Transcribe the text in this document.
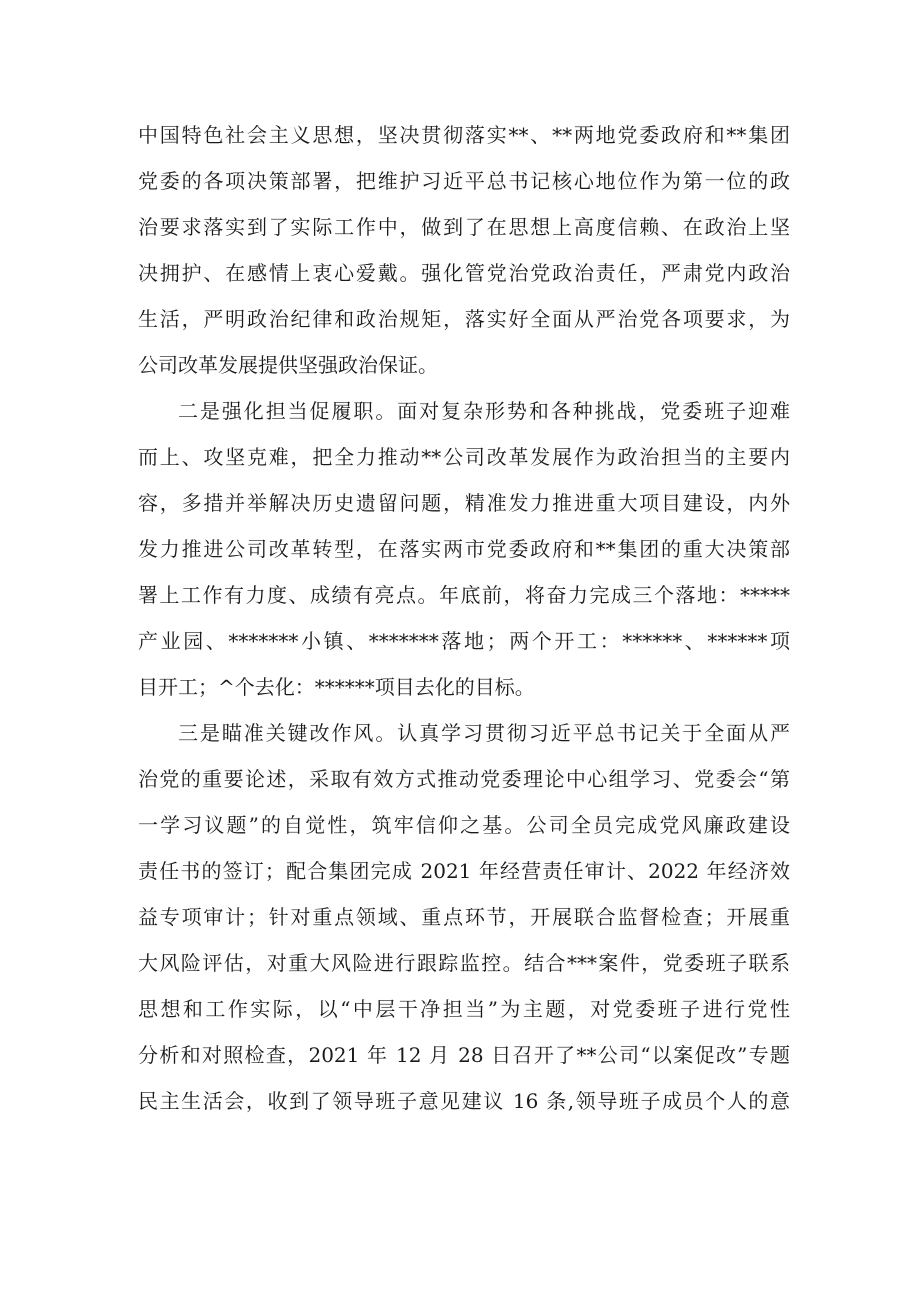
中国特色社会主义思想，坚决贯彻落实**、**两地党委政府和**集团
党委的各项决策部署，把维护习近平总书记核心地位作为第一位的政
治要求落实到了实际工作中，做到了在思想上高度信赖、在政治上坚
决拥护、在感情上衷心爱戴。强化管党治党政治责任，严肃党内政治
生活，严明政治纪律和政治规矩，落实好全面从严治党各项要求，为
公司改革发展提供坚强政治保证。
二是强化担当促履职。面对复杂形势和各种挑战，党委班子迎难
而上、攻坚克难，把全力推动**公司改革发展作为政治担当的主要内
容，多措并举解决历史遗留问题，精准发力推进重大项目建设，内外
发力推进公司改革转型，在落实两市党委政府和**集团的重大决策部
署上工作有力度、成绩有亮点。年底前，将奋力完成三个落地：*****
产业园、*******小镇、*******落地；两个开工：******、******项
目开工；^个去化：******项目去化的目标。
三是瞄准关键改作风。认真学习贯彻习近平总书记关于全面从严
治党的重要论述，采取有效方式推动党委理论中心组学习、党委会“第
一学习议题”的自觉性，筑牢信仰之基。公司全员完成党风廉政建设
责任书的签订；配合集团完成 2021 年经营责任审计、2022 年经济效
益专项审计；针对重点领域、重点环节，开展联合监督检查；开展重
大风险评估，对重大风险进行跟踪监控。结合***案件，党委班子联系
思想和工作实际，以“中层干净担当”为主题，对党委班子进行党性
分析和对照检查，2021 年 12 月 28 日召开了**公司“以案促改”专题
民主生活会，收到了领导班子意见建议 16 条,领导班子成员个人的意
